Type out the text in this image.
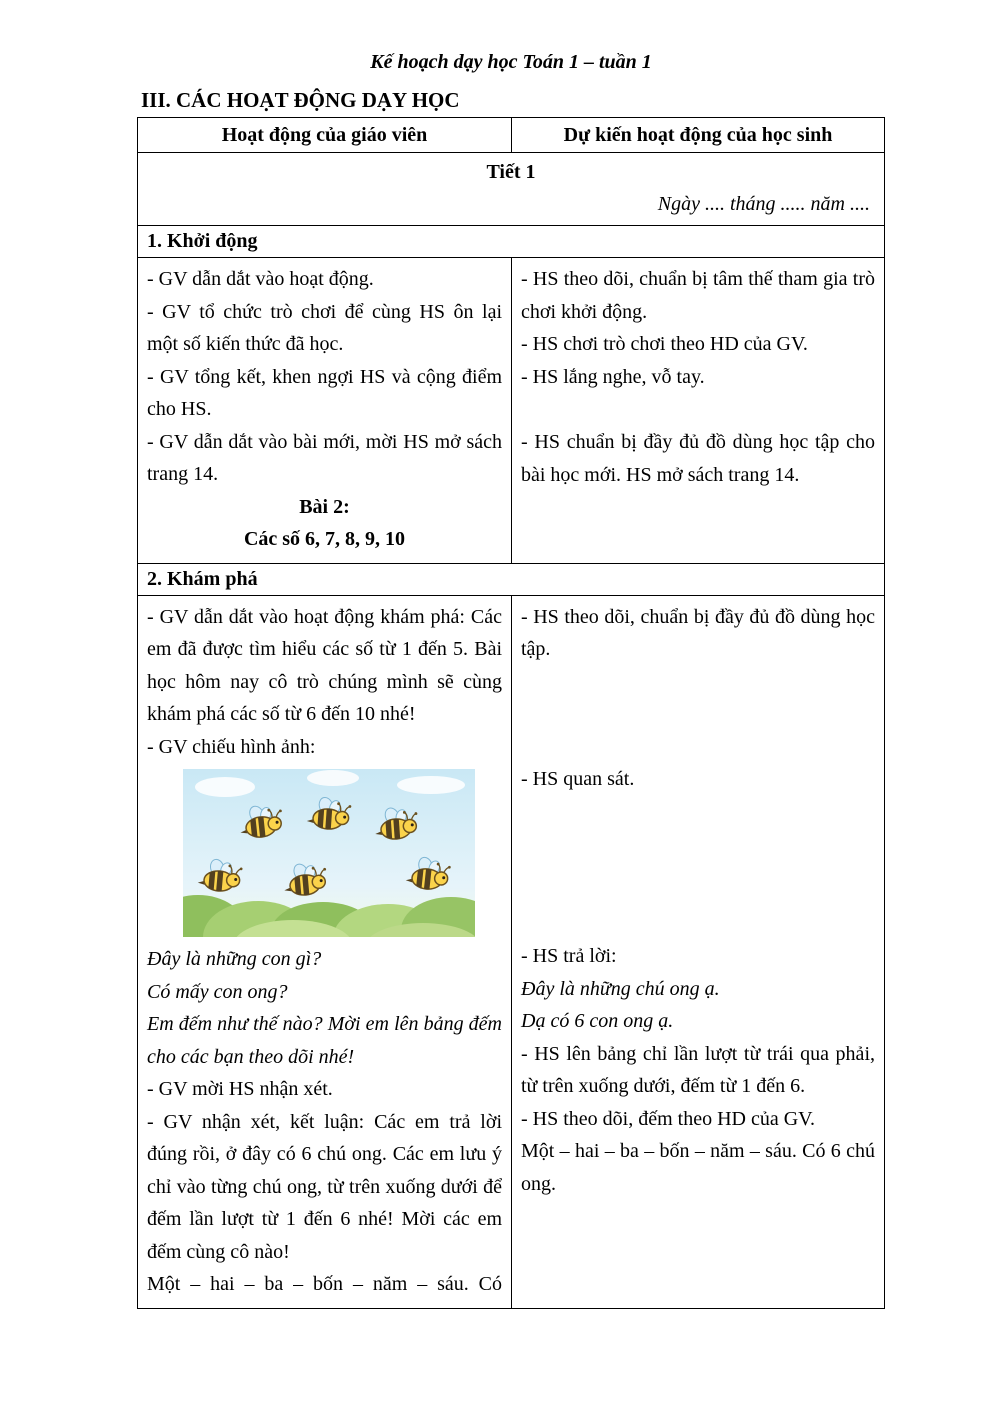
Kế hoạch dạy học Toán 1 – tuần 1
III. CÁC HOẠT ĐỘNG DẠY HỌC
Hoạt động của giáo viên	Dự kiến hoạt động của học sinh
Tiết 1
Ngày .... tháng ..... năm ....
1. Khởi động

- GV dẫn dắt vào hoạt động.

- GV tổ chức trò chơi để cùng HS ôn lại một số kiến thức đã học.

- GV tổng kết, khen ngợi HS và cộng điểm cho HS.

- GV dẫn dắt vào bài mới, mời HS mở sách trang 14.

Bài 2:

Các số 6, 7, 8, 9, 10

- HS theo dõi, chuẩn bị tâm thế tham gia trò chơi khởi động.

- HS chơi trò chơi theo HD của GV.

- HS lắng nghe, vỗ tay.

- HS chuẩn bị đầy đủ đồ dùng học tập cho bài học mới. HS mở sách trang 14.

2. Khám phá

- GV dẫn dắt vào hoạt động khám phá: Các em đã được tìm hiểu các số từ 1 đến 5. Bài học hôm nay cô trò chúng mình sẽ cùng khám phá các số từ 6 đến 10 nhé!

- GV chiếu hình ảnh:

Đây là những con gì?

Có mấy con ong?

Em đếm như thế nào? Mời em lên bảng đếm cho các bạn theo dõi nhé!

- GV mời HS nhận xét.

- GV nhận xét, kết luận: Các em trả lời đúng rồi, ở đây có 6 chú ong. Các em lưu ý chỉ vào từng chú ong, từ trên xuống dưới để đếm lần lượt từ 1 đến 6 nhé! Mời các em đếm cùng cô nào!

Một – hai – ba – bốn – năm – sáu. Có

- HS theo dõi, chuẩn bị đầy đủ đồ dùng học tập.

- HS quan sát.

- HS trả lời:

Đây là những chú ong ạ.

Dạ có 6 con ong ạ.

- HS lên bảng chỉ lần lượt từ trái qua phải, từ trên xuống dưới, đếm từ 1 đến 6.

- HS theo dõi, đếm theo HD của GV.

Một – hai – ba – bốn – năm – sáu. Có 6 chú ong.
